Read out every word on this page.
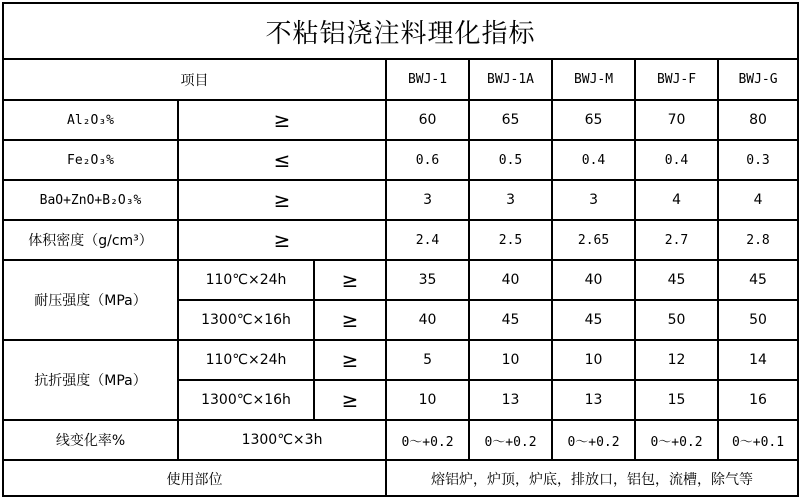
不粘铝浇注料理化指标
项目			BWJ-1	BWJ-1A	BWJ-M	BWJ-F	BWJ-G
Al₂O₃%	≥		60	65	65	70	80
Fe₂O₃%	≤		0.6	0.5	0.4	0.4	0.3
BaO+ZnO+B₂O₃%	≥		3	3	3	4	4
体积密度（g/cm³）	≥		2.4	2.5	2.65	2.7	2.8
耐压强度（MPa）	110℃×24h	≥	35	40	40	45	45
	1300℃×16h	≥	40	45	45	50	50
抗折强度（MPa）	110℃×24h	≥	5	10	10	12	14
	1300℃×16h	≥	10	13	13	15	16
线变化率%	1300℃×3h		0～+0.2	0～+0.2	0～+0.2	0～+0.2	0～+0.1
使用部位			熔铝炉，炉顶，炉底，排放口，铝包，流槽，除气等				
